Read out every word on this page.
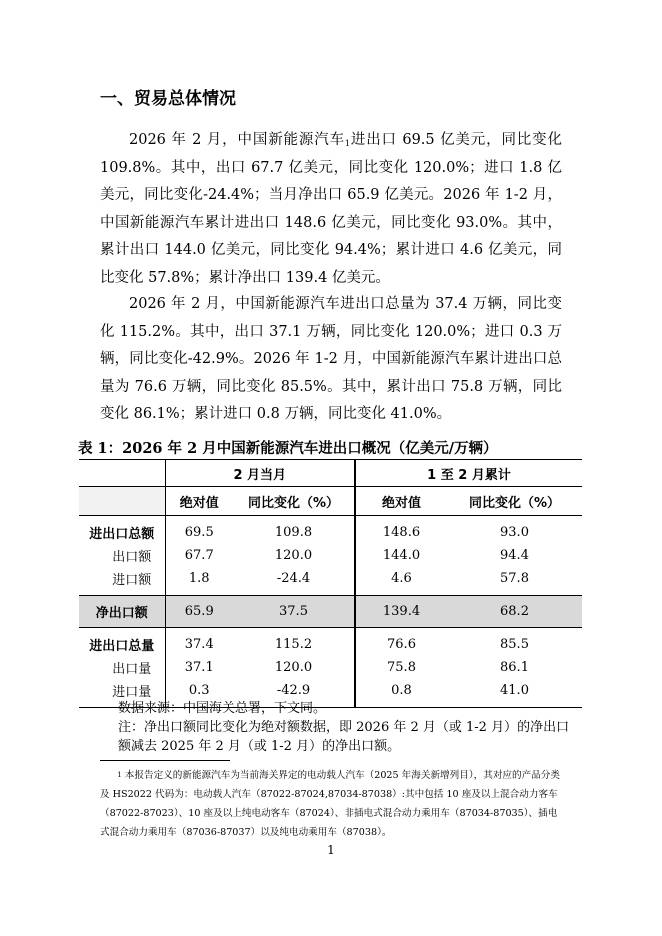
一、贸易总体情况

2026 年 2 月，中国新能源汽车$^1$进出口 69.5 亿美元，同比变化 109.8%。其中，出口 67.7 亿美元，同比变化 120.0%；进口 1.8 亿美元，同比变化-24.4%；当月净出口 65.9 亿美元。2026 年 1-2 月，中国新能源汽车累计进出口 148.6 亿美元，同比变化 93.0%。其中，累计出口 144.0 亿美元，同比变化 94.4%；累计进口 4.6 亿美元，同比变化 57.8%；累计净出口 139.4 亿美元。

2026 年 2 月，中国新能源汽车进出口总量为 37.4 万辆，同比变化 115.2%。其中，出口 37.1 万辆，同比变化 120.0%；进口 0.3 万辆，同比变化-42.9%。2026 年 1-2 月，中国新能源汽车累计进出口总量为 76.6 万辆，同比变化 85.5%。其中，累计出口 75.8 万辆，同比变化 86.1%；累计进口 0.8 万辆，同比变化 41.0%。

表 1：2026 年 2 月中国新能源汽车进出口概况（亿美元/万辆）

	2 月当月		1 至 2 月累计	
	绝对值	同比变化（%）	绝对值	同比变化（%）
进出口总额	69.5	109.8	148.6	93.0
出口额	67.7	120.0	144.0	94.4
进口额	1.8	-24.4	4.6	57.8
净出口额	65.9	37.5	139.4	68.2
进出口总量	37.4	115.2	76.6	85.5
出口量	37.1	120.0	75.8	86.1
进口量	0.3	-42.9	0.8	41.0

数据来源：中国海关总署，下文同。

注：净出口额同比变化为绝对额数据，即 2026 年 2 月（或 1-2 月）的净出口额减去 2025 年 2 月（或 1-2 月）的净出口额。

$^1$ 本报告定义的新能源汽车为当前海关界定的电动载人汽车（2025 年海关新增列目），其对应的产品分类及 HS2022 代码为：电动载人汽车（87022-87024,87034-87038）:其中包括 10 座及以上混合动力客车（87022-87023）、10 座及以上纯电动客车（87024）、非插电式混合动力乘用车（87034-87035）、插电式混合动力乘用车（87036-87037）以及纯电动乘用车（87038）。

1
